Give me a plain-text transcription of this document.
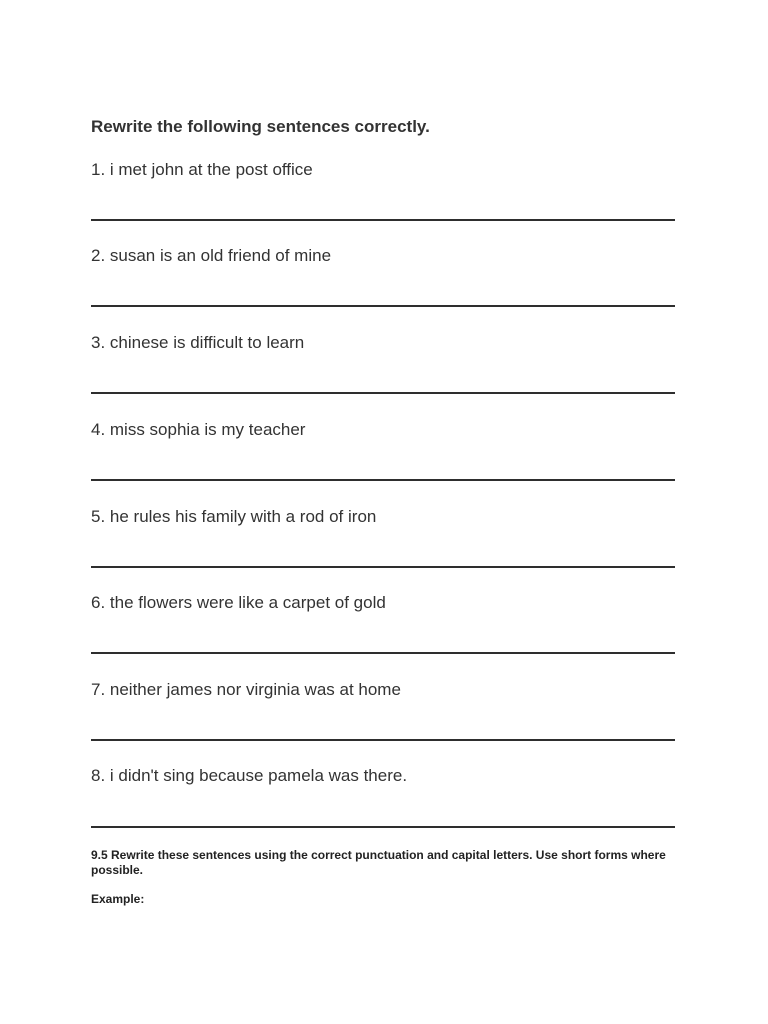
Rewrite the following sentences correctly.
1. i met john at the post office
2. susan is an old friend of mine
3. chinese is difficult to learn
4. miss sophia is my teacher
5. he rules his family with a rod of iron
6. the flowers were like a carpet of gold
7. neither james nor virginia was at home
8. i didn't sing because pamela was there.
9.5 Rewrite these sentences using the correct punctuation and capital letters. Use short forms where possible.
Example:
